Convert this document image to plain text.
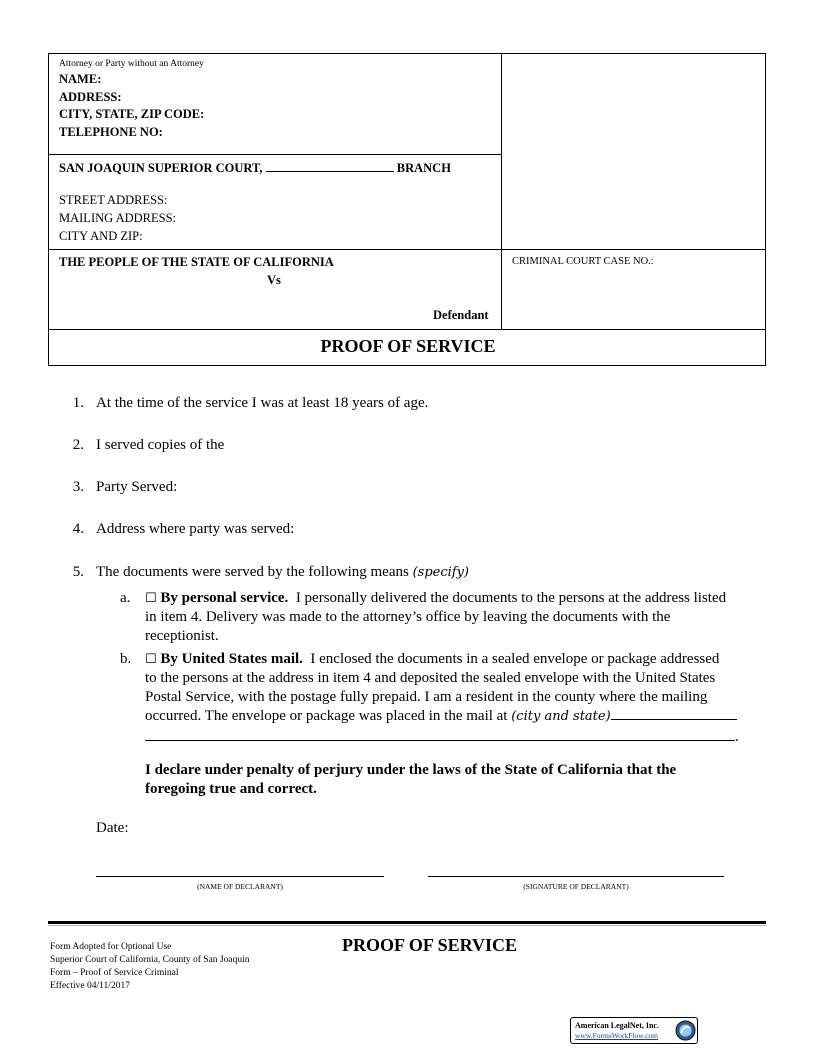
Attorney or Party without an Attorney
NAME:
ADDRESS:
CITY, STATE, ZIP CODE:
TELEPHONE NO:
SAN JOAQUIN SUPERIOR COURT,	BRANCH
STREET ADDRESS:
MAILING ADDRESS:
CITY AND ZIP:
THE PEOPLE OF THE STATE OF CALIFORNIA
Vs
Defendant
CRIMINAL COURT CASE NO.:
PROOF OF SERVICE
1. At the time of the service I was at least 18 years of age.
2. I served copies of the
3. Party Served:
4. Address where party was served:
5. The documents were served by the following means (specify)
a. ☐ By personal service. I personally delivered the documents to the persons at the address listed
in item 4. Delivery was made to the attorney’s office by leaving the documents with the
receptionist.
b. ☐ By United States mail. I enclosed the documents in a sealed envelope or package addressed
to the persons at the address in item 4 and deposited the sealed envelope with the United States
Postal Service, with the postage fully prepaid. I am a resident in the county where the mailing
occurred. The envelope or package was placed in the mail at (city and state)
.
I declare under penalty of perjury under the laws of the State of California that the
foregoing true and correct.
Date:
(NAME OF DECLARANT)	(SIGNATURE OF DECLARANT)
Form Adopted for Optional Use
Superior Court of California, County of San Joaquin
Form – Proof of Service Criminal
Effective 04/11/2017
PROOF OF SERVICE
American LegalNet, Inc.
www.FormsWorkFlow.com
